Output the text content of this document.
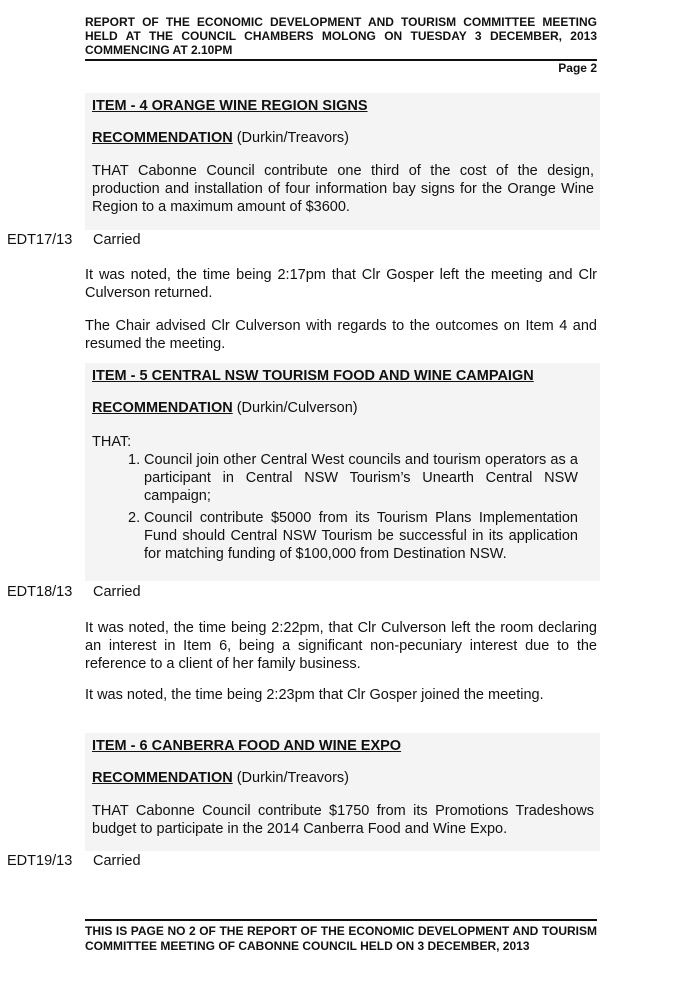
REPORT OF THE ECONOMIC DEVELOPMENT AND TOURISM COMMITTEE MEETING HELD AT THE COUNCIL CHAMBERS MOLONG ON TUESDAY 3 DECEMBER, 2013 COMMENCING AT 2.10PM
Page 2
ITEM - 4 ORANGE WINE REGION SIGNS
RECOMMENDATION (Durkin/Treavors)
THAT Cabonne Council contribute one third of the cost of the design, production and installation of four information bay signs for the Orange Wine Region to a maximum amount of $3600.
EDT17/13 Carried
It was noted, the time being 2:17pm that Clr Gosper left the meeting and Clr Culverson returned.
The Chair advised Clr Culverson with regards to the outcomes on Item 4 and resumed the meeting.
ITEM - 5 CENTRAL NSW TOURISM FOOD AND WINE CAMPAIGN
RECOMMENDATION (Durkin/Culverson)
THAT:
1. Council join other Central West councils and tourism operators as a participant in Central NSW Tourism’s Unearth Central NSW campaign;
2. Council contribute $5000 from its Tourism Plans Implementation Fund should Central NSW Tourism be successful in its application for matching funding of $100,000 from Destination NSW.
EDT18/13 Carried
It was noted, the time being 2:22pm, that Clr Culverson left the room declaring an interest in Item 6, being a significant non-pecuniary interest due to the reference to a client of her family business.
It was noted, the time being 2:23pm that Clr Gosper joined the meeting.
ITEM - 6 CANBERRA FOOD AND WINE EXPO
RECOMMENDATION (Durkin/Treavors)
THAT Cabonne Council contribute $1750 from its Promotions Tradeshows budget to participate in the 2014 Canberra Food and Wine Expo.
EDT19/13 Carried
THIS IS PAGE NO 2 OF THE REPORT OF THE ECONOMIC DEVELOPMENT AND TOURISM COMMITTEE MEETING OF CABONNE COUNCIL HELD ON 3 DECEMBER, 2013
